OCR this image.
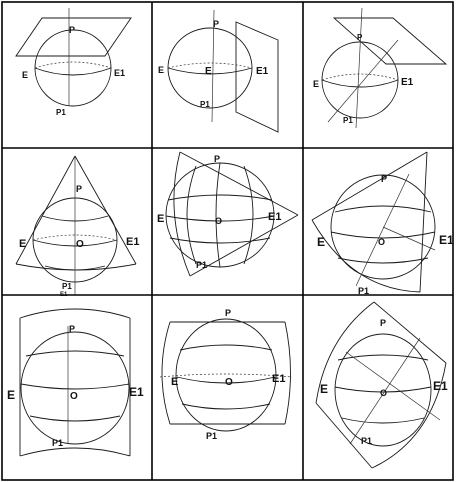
P
E	E1
P1
P
E	E	E1
P1
P
E	E1
P1
P
E	O	E1
P1
E1
P
E	O	E1
P1
P
E	O	E1
P1
P
E	O	E1
P1
P
E	O	E1
P1
P
E	O	E1
P1
